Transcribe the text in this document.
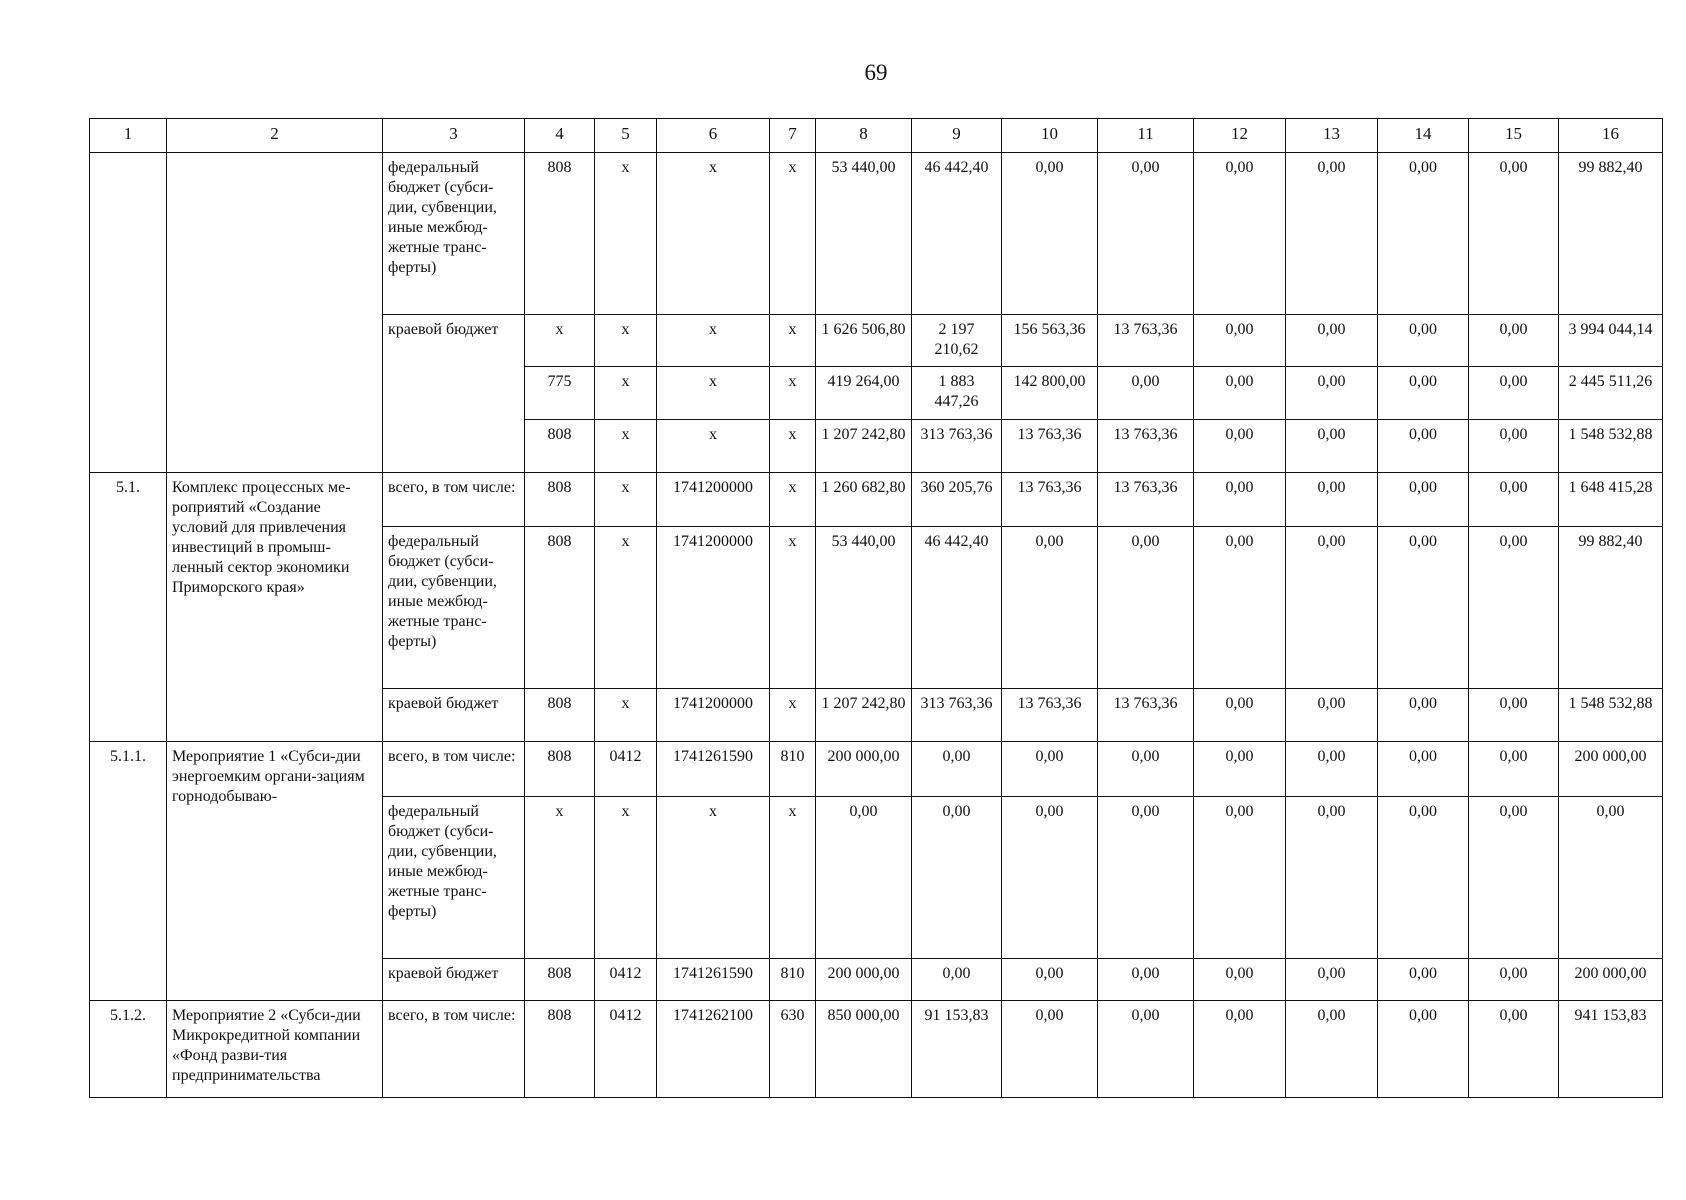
69
1	2	3	4	5	6	7	8	9	10	11	12	13	14	15	16
		федеральный бюджет (субси-дии, субвенции, иные межбюд-жетные транс-ферты)	808	x	x	x	53 440,00	46 442,40	0,00	0,00	0,00	0,00	0,00	0,00	99 882,40
		краевой бюджет	x	x	x	x	1 626 506,80	2 197 210,62	156 563,36	13 763,36	0,00	0,00	0,00	0,00	3 994 044,14
			775	x	x	x	419 264,00	1 883 447,26	142 800,00	0,00	0,00	0,00	0,00	0,00	2 445 511,26
			808	x	x	x	1 207 242,80	313 763,36	13 763,36	13 763,36	0,00	0,00	0,00	0,00	1 548 532,88
5.1.	Комплекс процессных ме-роприятий «Создание условий для привлечения инвестиций в промыш-ленный сектор экономики Приморского края»	всего, в том числе:	808	x	1741200000	x	1 260 682,80	360 205,76	13 763,36	13 763,36	0,00	0,00	0,00	0,00	1 648 415,28
		федеральный бюджет (субси-дии, субвенции, иные межбюд-жетные транс-ферты)	808	x	1741200000	x	53 440,00	46 442,40	0,00	0,00	0,00	0,00	0,00	0,00	99 882,40
		краевой бюджет	808	x	1741200000	x	1 207 242,80	313 763,36	13 763,36	13 763,36	0,00	0,00	0,00	0,00	1 548 532,88
5.1.1.	Мероприятие 1 «Субси-дии энергоемким органи-зациям горнодобываю-	всего, в том числе:	808	0412	1741261590	810	200 000,00	0,00	0,00	0,00	0,00	0,00	0,00	0,00	200 000,00
		федеральный бюджет (субси-дии, субвенции, иные межбюд-жетные транс-ферты)	x	x	x	x	0,00	0,00	0,00	0,00	0,00	0,00	0,00	0,00	0,00
		краевой бюджет	808	0412	1741261590	810	200 000,00	0,00	0,00	0,00	0,00	0,00	0,00	0,00	200 000,00
5.1.2.	Мероприятие 2 «Субси-дии Микрокредитной компании «Фонд разви-тия предпринимательства	всего, в том числе:	808	0412	1741262100	630	850 000,00	91 153,83	0,00	0,00	0,00	0,00	0,00	0,00	941 153,83
